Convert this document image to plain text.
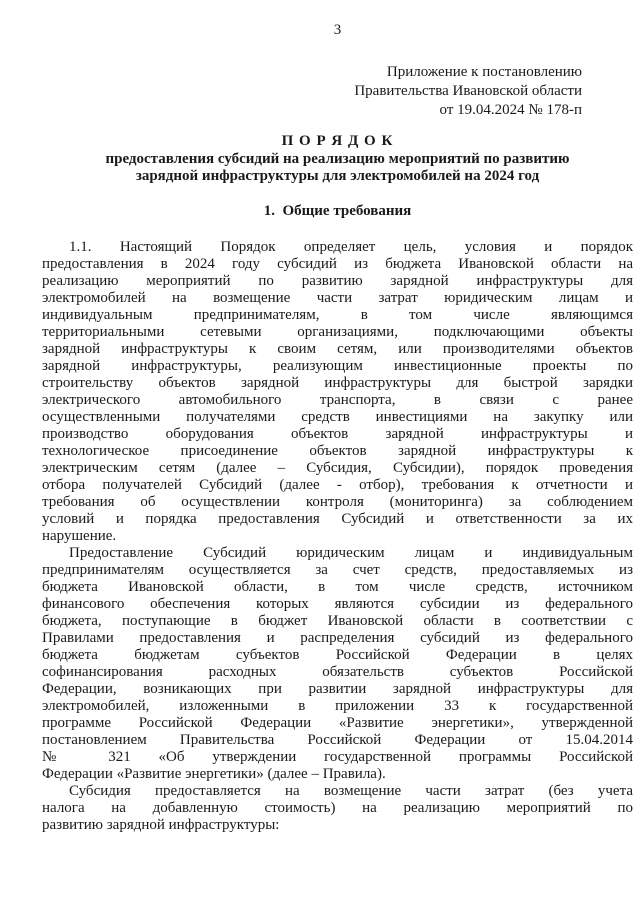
3
Приложение к постановлению
Правительства Ивановской области
от 19.04.2024 № 178-п
П О Р Я Д О К
предоставления субсидий на реализацию мероприятий по развитию
зарядной инфраструктуры для электромобилей на 2024 год
1.  Общие требования
1.1. Настоящий Порядок определяет цель, условия и порядок
предоставления в 2024 году субсидий из бюджета Ивановской области на
реализацию мероприятий по развитию зарядной инфраструктуры для
электромобилей на возмещение части затрат юридическим лицам и
индивидуальным предпринимателям, в том числе являющимся
территориальными сетевыми организациями, подключающими объекты
зарядной инфраструктуры к своим сетям, или производителями объектов
зарядной инфраструктуры, реализующим инвестиционные проекты по
строительству объектов зарядной инфраструктуры для быстрой зарядки
электрического автомобильного транспорта, в связи с ранее
осуществленными получателями средств инвестициями на закупку или
производство оборудования объектов зарядной инфраструктуры и
технологическое присоединение объектов зарядной инфраструктуры к
электрическим сетям (далее – Субсидия, Субсидии), порядок проведения
отбора получателей Субсидий (далее - отбор), требования к отчетности и
требования об осуществлении контроля (мониторинга) за соблюдением
условий и порядка предоставления Субсидий и ответственности за их
нарушение.
Предоставление Субсидий юридическим лицам и индивидуальным
предпринимателям осуществляется за счет средств, предоставляемых из
бюджета Ивановской области, в том числе средств, источником
финансового обеспечения которых являются субсидии из федерального
бюджета, поступающие в бюджет Ивановской области в соответствии с
Правилами предоставления и распределения субсидий из федерального
бюджета бюджетам субъектов Российской Федерации в целях
софинансирования расходных обязательств субъектов Российской
Федерации, возникающих при развитии зарядной инфраструктуры для
электромобилей, изложенными в приложении 33 к государственной
программе Российской Федерации «Развитие энергетики», утвержденной
постановлением Правительства Российской Федерации от 15.04.2014
№ 321 «Об утверждении государственной программы Российской
Федерации «Развитие энергетики» (далее – Правила).
Субсидия предоставляется на возмещение части затрат (без учета
налога на добавленную стоимость) на реализацию мероприятий по
развитию зарядной инфраструктуры:
